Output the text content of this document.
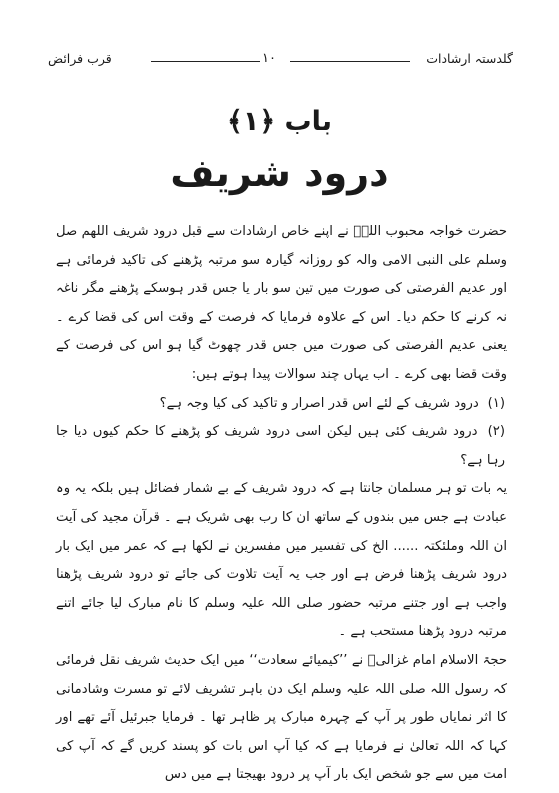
گلدستہ ارشادات
۱۰
قرب فرائض
باب ﴿۱﴾
درود شریف

حضرت خواجہ محبوب اللہؒ نے اپنے خاص ارشادات سے قبل درود شریف اللھم صل وسلم علی النبی الامی والہ کو روزانہ گیارہ سو مرتبہ پڑھنے کی تاکید فرمائی ہے اور عدیم الفرصتی کی صورت میں تین سو بار یا جس قدر ہوسکے پڑھنے مگر ناغہ نہ کرنے کا حکم دیا۔ اس کے علاوہ فرمایا کہ فرصت کے وقت اس کی قضا کرے ۔ یعنی عدیم الفرصتی کی صورت میں جس قدر چھوٹ گیا ہو اس کی فرصت کے وقت قضا بھی کرے ۔ اب یہاں چند سوالات پیدا ہوتے ہیں:

(۱) درود شریف کے لئے اس قدر اصرار و تاکید کی کیا وجہ ہے؟

(۲) درود شریف کئی ہیں لیکن اسی درود شریف کو پڑھنے کا حکم کیوں دیا جا رہا ہے؟

یہ بات تو ہر مسلمان جانتا ہے کہ درود شریف کے بے شمار فضائل ہیں بلکہ یہ وہ عبادت ہے جس میں بندوں کے ساتھ ان کا رب بھی شریک ہے ۔ قرآن مجید کی آیت ان اللہ وملئکتہ ...... الخ کی تفسیر میں مفسرین نے لکھا ہے کہ عمر میں ایک بار درود شریف پڑھنا فرض ہے اور جب یہ آیت تلاوت کی جائے تو درود شریف پڑھنا واجب ہے اور جتنے مرتبہ حضور صلی اللہ علیہ وسلم کا نام مبارک لیا جائے اتنے مرتبہ درود پڑھنا مستحب ہے ۔

حجۃ الاسلام امام غزالیؒ نے ’’کیمیائے سعادت‘‘ میں ایک حدیث شریف نقل فرمائی کہ رسول اللہ صلی اللہ علیہ وسلم ایک دن باہر تشریف لائے تو مسرت وشادمانی کا اثر نمایاں طور پر آپ کے چہرہ مبارک پر ظاہر تھا ۔ فرمایا جبرئیل آئے تھے اور کہا کہ اللہ تعالیٰ نے فرمایا ہے کہ کیا آپ اس بات کو پسند کریں گے کہ آپ کی امت میں سے جو شخص ایک بار آپ پر درود بھیجتا ہے میں دس
